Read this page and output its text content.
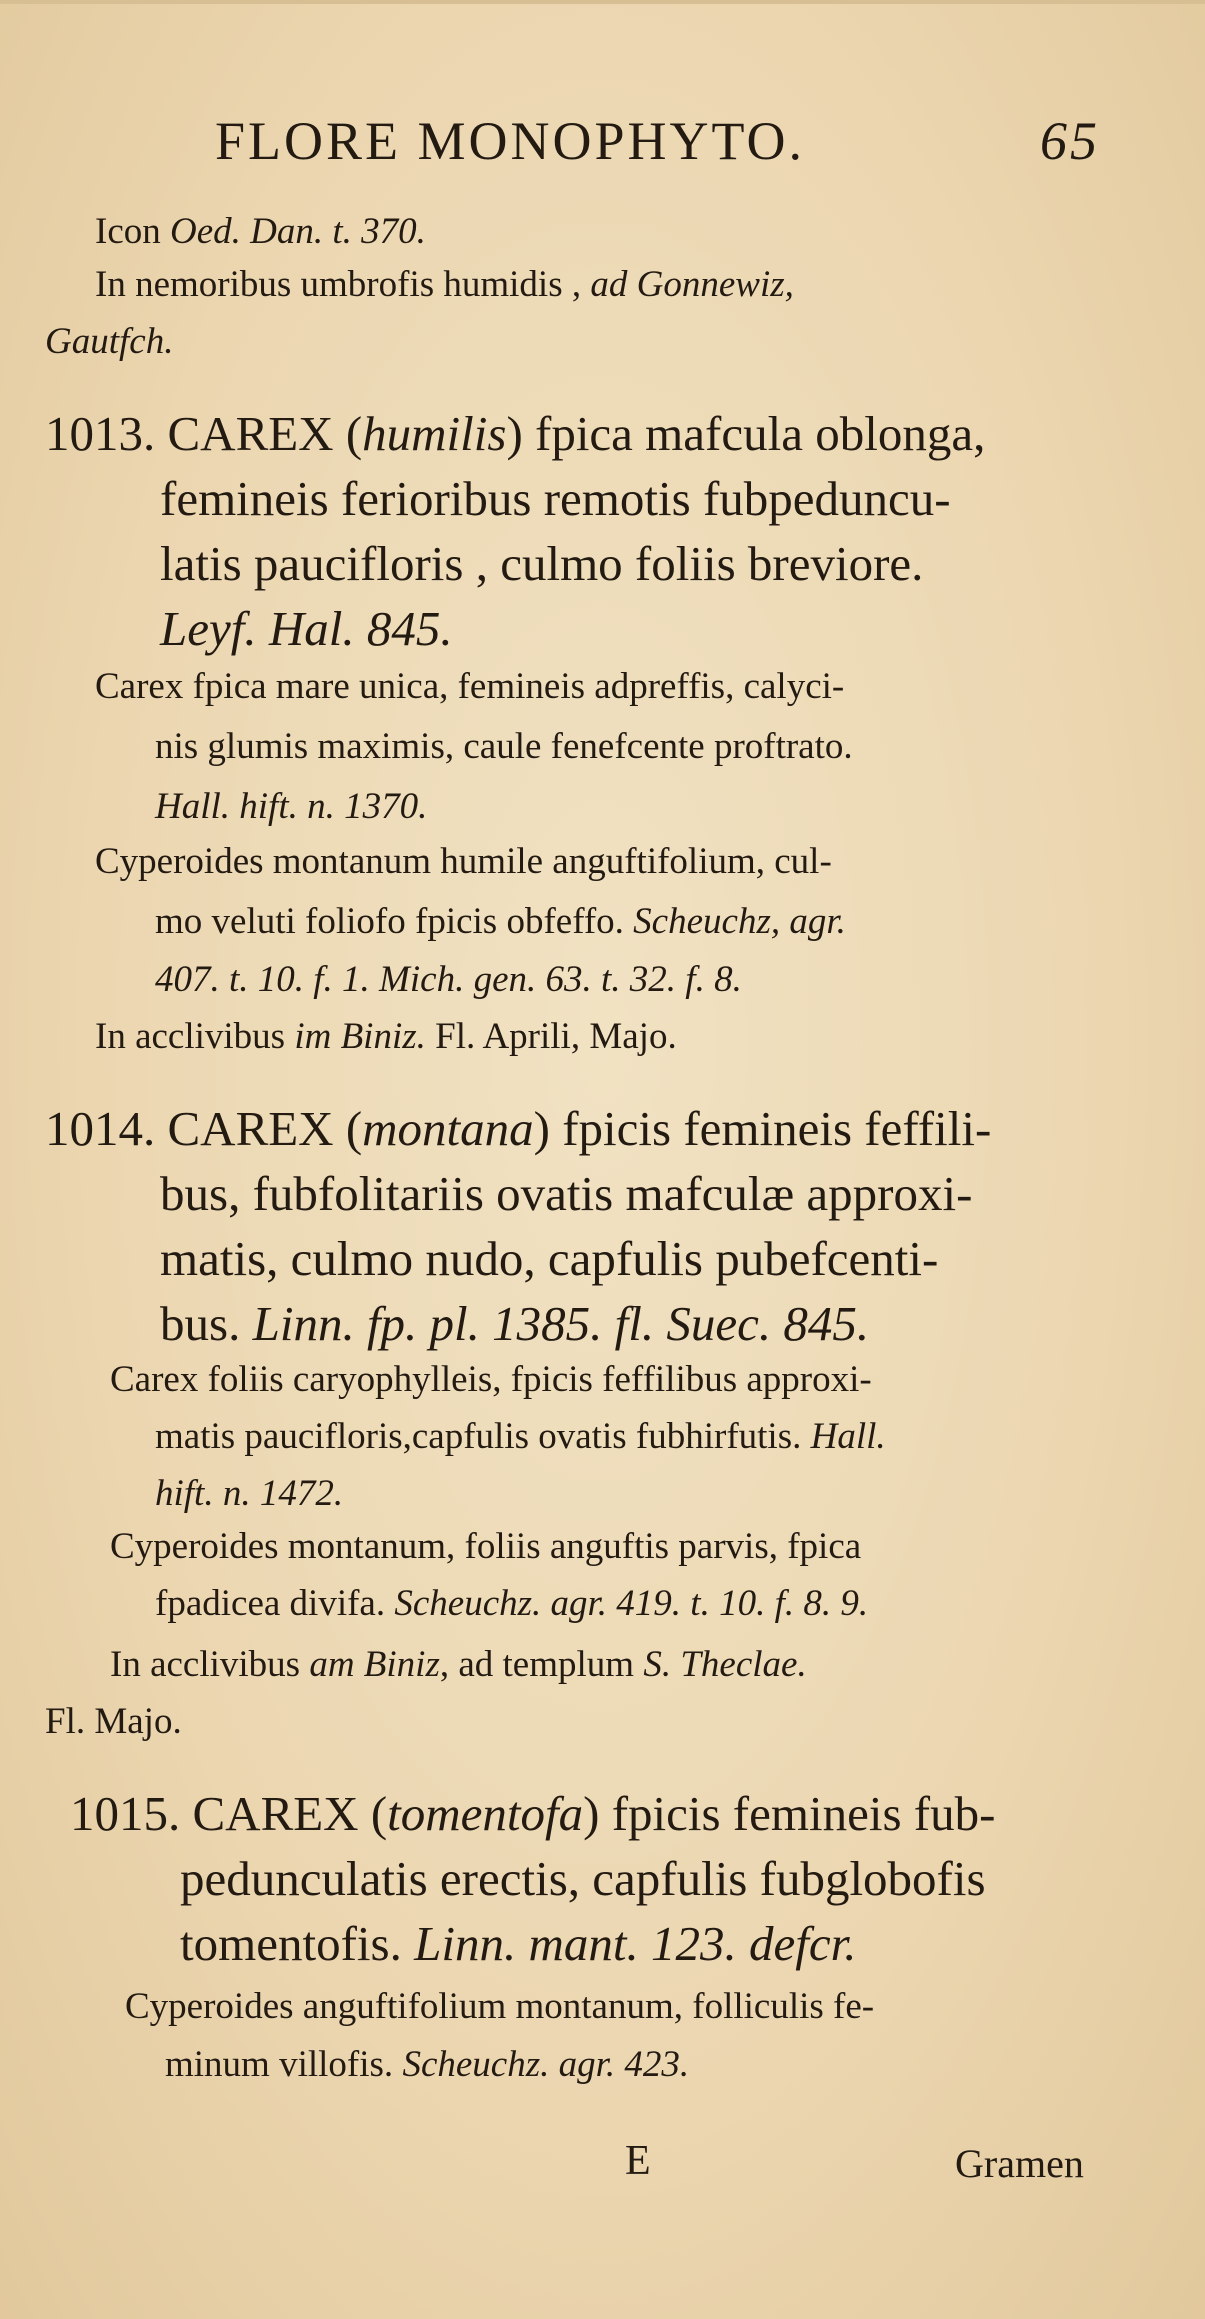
FLORE MONOPHYTO.	65
Icon Oed. Dan. t. 370.
In nemoribus umbrofis humidis , ad Gonnewiz,
Gautfch.
1013. CAREX (humilis) fpica mafcula oblonga,
femineis ferioribus remotis fubpeduncu-
latis paucifloris , culmo foliis breviore.
Leyf. Hal. 845.
Carex fpica mare unica, femineis adpreffis, calyci-
nis glumis maximis, caule fenefcente proftrato.
Hall. hift. n. 1370.
Cyperoides montanum humile anguftifolium, cul-
mo veluti foliofo fpicis obfeffo. Scheuchz, agr.
407. t. 10. f. 1. Mich. gen. 63. t. 32. f. 8.
In acclivibus im Biniz. Fl. Aprili, Majo.
1014. CAREX (montana) fpicis femineis feffili-
bus, fubfolitariis ovatis mafculæ approxi-
matis, culmo nudo, capfulis pubefcenti-
bus. Linn. fp. pl. 1385. fl. Suec. 845.
Carex foliis caryophylleis, fpicis feffilibus approxi-
matis paucifloris,capfulis ovatis fubhirfutis. Hall.
hift. n. 1472.
Cyperoides montanum, foliis anguftis parvis, fpica
fpadicea divifa. Scheuchz. agr. 419. t. 10. f. 8. 9.
In acclivibus am Biniz, ad templum S. Theclae.
Fl. Majo.
1015. CAREX (tomentofa) fpicis femineis fub-
pedunculatis erectis, capfulis fubglobofis
tomentofis. Linn. mant. 123. defcr.
Cyperoides anguftifolium montanum, folliculis fe-
minum villofis. Scheuchz. agr. 423.
E	Gramen
